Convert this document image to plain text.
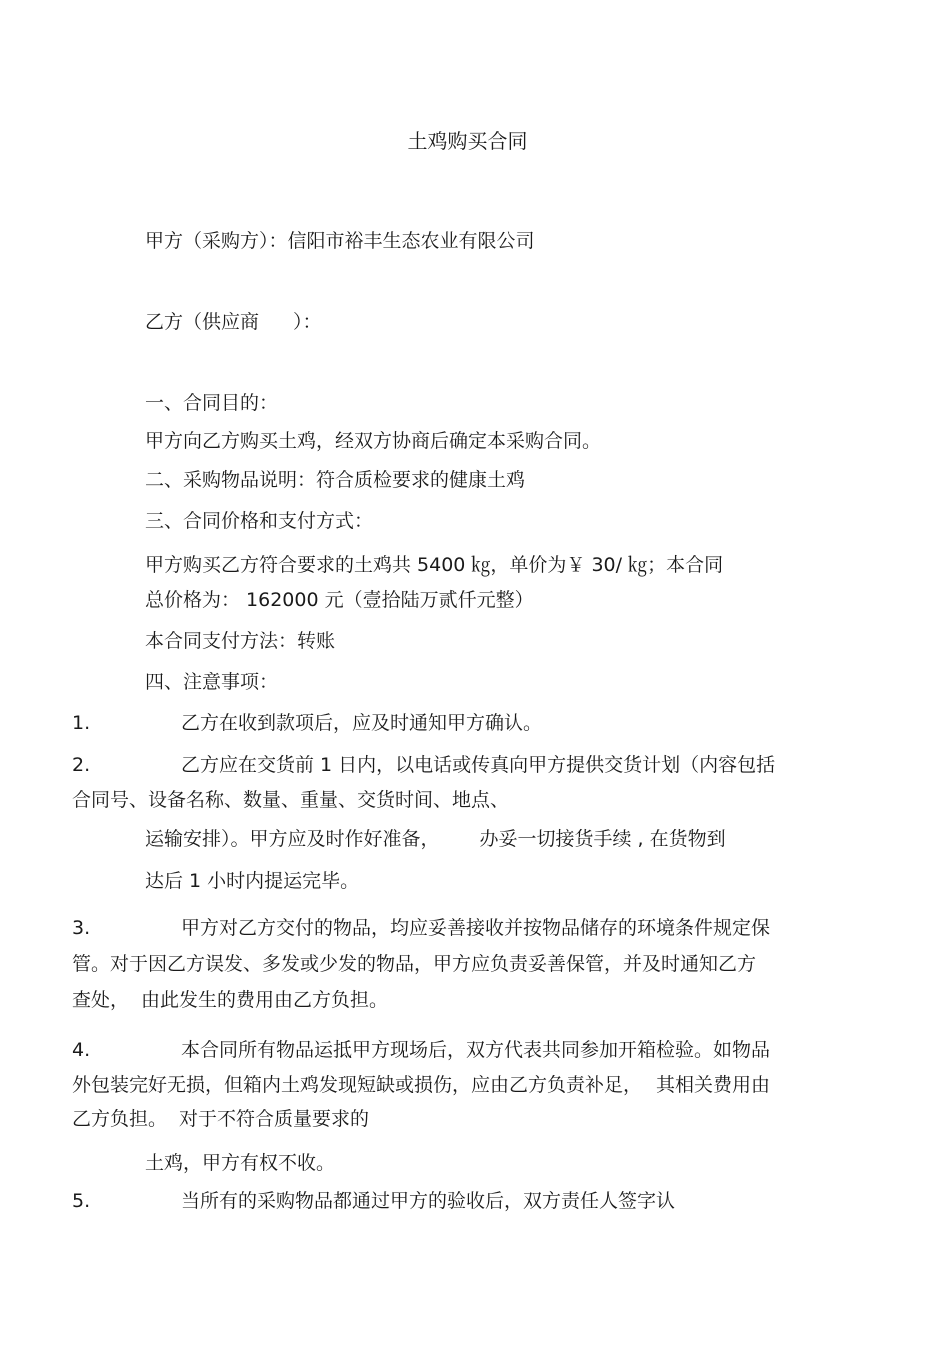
土鸡购买合同
甲方（采购方）：信阳市裕丰生态农业有限公司
乙方（供应商 ）：
一、合同目的：
甲方向乙方购买土鸡，经双方协商后确定本采购合同。
二、采购物品说明：符合质检要求的健康土鸡
三、合同价格和支付方式：
甲方购买乙方符合要求的土鸡共 5400 ㎏，单价为￥ 30/ ㎏；本合同
总价格为： 162000 元（壹拾陆万贰仟元整）
本合同支付方法：转账
四、注意事项：
1.	乙方在收到款项后，应及时通知甲方确认。
2.	乙方应在交货前 1 日内，以电话或传真向甲方提供交货计划（内容包括
合同号、设备名称、数量、重量、交货时间、地点、
运输安排）。甲方应及时作好准备， 办妥一切接货手续 , 在货物到
达后 1 小时内提运完毕。
3.	甲方对乙方交付的物品，均应妥善接收并按物品储存的环境条件规定保
管。对于因乙方误发、多发或少发的物品，甲方应负责妥善保管，并及时通知乙方
查处， 由此发生的费用由乙方负担。
4.	本合同所有物品运抵甲方现场后，双方代表共同参加开箱检验。如物品
外包装完好无损，但箱内土鸡发现短缺或损伤，应由乙方负责补足， 其相关费用由
乙方负担。 对于不符合质量要求的
土鸡，甲方有权不收。
5.	当所有的采购物品都通过甲方的验收后，双方责任人签字认
